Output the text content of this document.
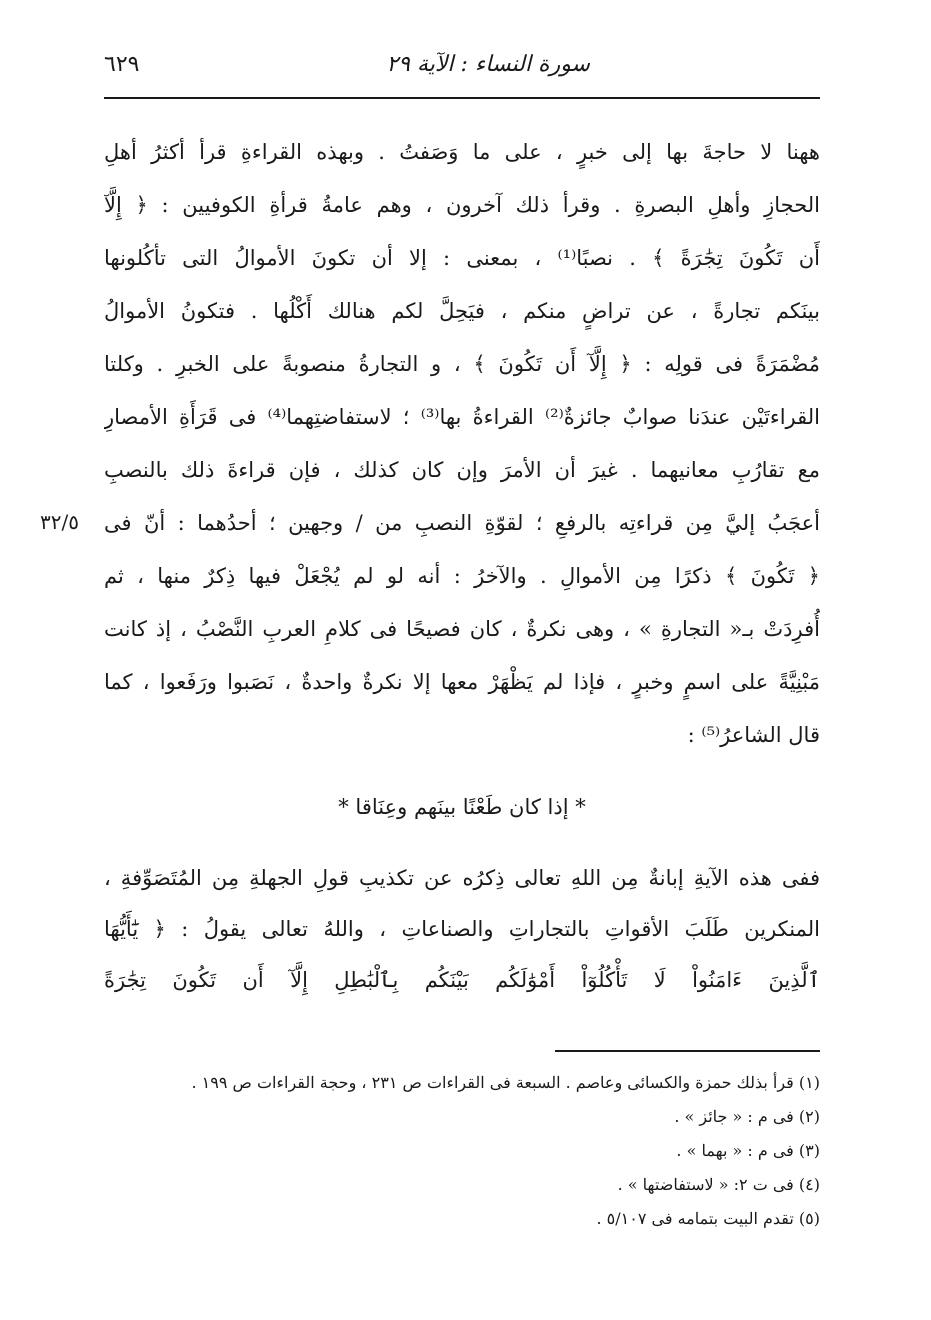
سورة النساء : الآية ٢٩
٦٢٩
٣٢/٥
ههنا لا حاجةَ بها إلى خبرٍ ، على ما وَصَفتُ . وبهذه القراءةِ قرأ أكثرُ أهلِ
الحجازِ وأهلِ البصرةِ . وقرأ ذلك آخرون ، وهم عامةُ قرأةِ الكوفيين : ﴿ إِلَّآ
أَن تَكُونَ تِجَٰرَةً ﴾ . نصبًا⁽¹⁾ ، بمعنى : إلا أن تكونَ الأموالُ التى تأكُلونها
بينَكم تجارةً ، عن تراضٍ منكم ، فيَحِلَّ لكم هنالك أَكْلُها . فتكونُ الأموالُ
مُضْمَرَةً فى قولِه : ﴿ إِلَّآ أَن تَكُونَ ﴾ ، و التجارةُ منصوبةً على الخبرِ . وكلتا
القراءتَيْن عندَنا صوابٌ جائزةٌ⁽²⁾ القراءةُ بها⁽³⁾ ؛ لاستفاضتِهما⁽⁴⁾ فى قَرَأَةِ الأمصارِ
مع تقارُبِ معانيهما . غيرَ أن الأمرَ وإن كان كذلك ، فإن قراءةَ ذلك بالنصبِ
أعجَبُ إليَّ مِن قراءتِه بالرفعِ ؛ لقوّةِ النصبِ من / وجهين ؛ أحدُهما : أنّ فى
﴿ تَكُونَ ﴾ ذكرًا مِن الأموالِ . والآخرُ : أنه لو لم يُجْعَلْ فيها ذِكرٌ منها ، ثم
أُفرِدَتْ بـ« التجارةِ » ، وهى نكرةٌ ، كان فصيحًا فى كلامِ العربِ النَّصْبُ ، إذ كانت
مَبْنِيَّةً على اسمٍ وخبرٍ ، فإذا لم يَظْهَرْ معها إلا نكرةٌ واحدةٌ ، نَصَبوا ورَفَعوا ، كما
قال الشاعرُ⁽⁵⁾ :
* إذا كان طَعْنًا بينَهم وعِنَاقا *
ففى هذه الآيةِ إبانةٌ مِن اللهِ تعالى ذِكرُه عن تكذيبِ قولِ الجهلةِ مِن المُتَصَوِّفةِ ،
المنكرين طَلَبَ الأقواتِ بالتجاراتِ والصناعاتِ ، واللهُ تعالى يقولُ : ﴿ يَٰٓأَيُّهَا
ٱلَّذِينَ ءَامَنُواْ لَا تَأْكُلُوٓاْ أَمْوَٰلَكُم بَيْنَكُم بِٱلْبَٰطِلِ إِلَّآ أَن تَكُونَ تِجَٰرَةً
(١) قرأ بذلك حمزة والكسائى وعاصم . السبعة فى القراءات ص ٢٣١ ، وحجة القراءات ص ١٩٩ .
(٢) فى م : « جائز » .
(٣) فى م : « بهما » .
(٤) فى ت ٢: « لاستفاضتها » .
(٥) تقدم البيت بتمامه فى ٥/١٠٧ .
